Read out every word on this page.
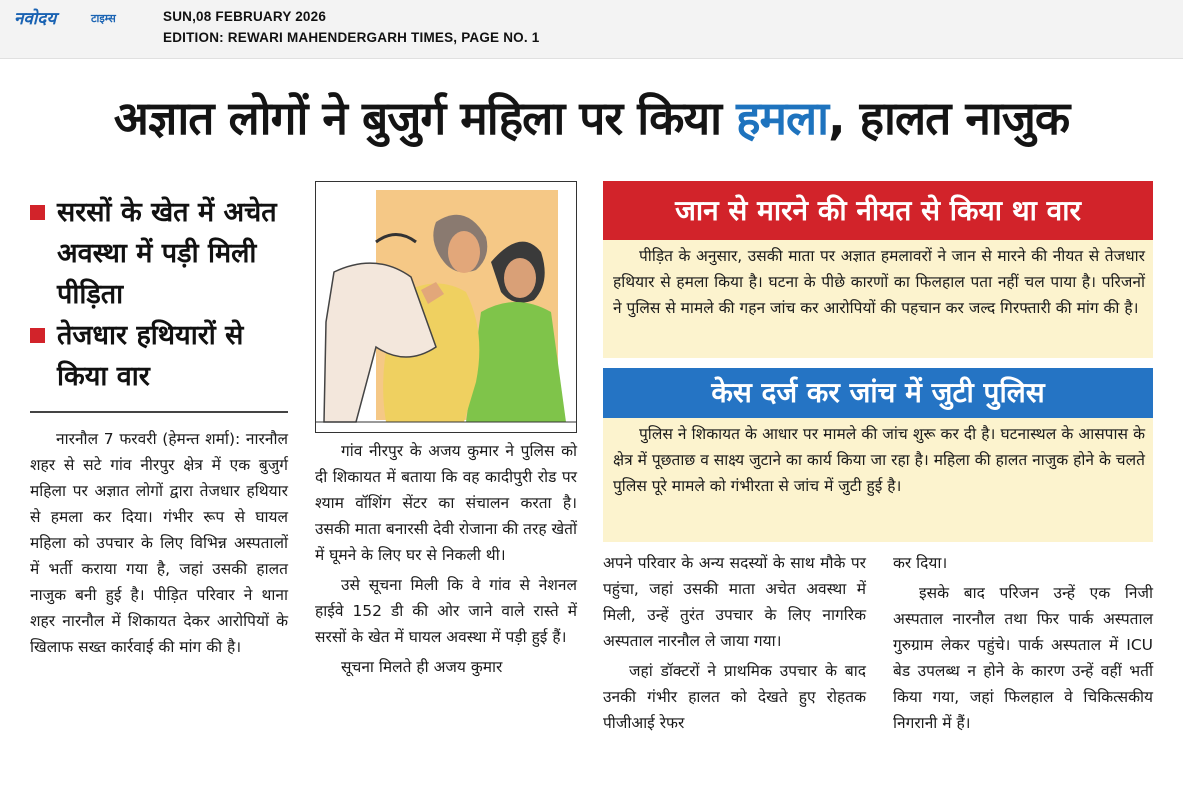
नवोदय	टाइम्स	SUN,08 FEBRUARY 2026
EDITION: REWARI MAHENDERGARH TIMES, PAGE NO. 1
अज्ञात लोगों ने बुजुर्ग महिला पर किया हमला, हालत नाजुक
सरसों के खेत में अचेत अवस्था में पड़ी मिली पीड़िता
तेजधार हथियारों से किया वार

नारनौल 7 फरवरी (हेमन्त शर्मा): नारनौल शहर से सटे गांव नीरपुर क्षेत्र में एक बुजुर्ग महिला पर अज्ञात लोगों द्वारा तेजधार हथियार से हमला कर दिया। गंभीर रूप से घायल महिला को उपचार के लिए विभिन्न अस्पतालों में भर्ती कराया गया है, जहां उसकी हालत नाजुक बनी हुई है। पीड़ित परिवार ने थाना शहर नारनौल में शिकायत देकर आरोपियों के खिलाफ सख्त कार्रवाई की मांग की है।

गांव नीरपुर के अजय कुमार ने पुलिस को दी शिकायत में बताया कि वह कादीपुरी रोड पर श्याम वॉशिंग सेंटर का संचालन करता है। उसकी माता बनारसी देवी रोजाना की तरह खेतों में घूमने के लिए घर से निकली थी।

उसे सूचना मिली कि वे गांव से नेशनल हाईवे 152 डी की ओर जाने वाले रास्ते में सरसों के खेत में घायल अवस्था में पड़ी हुई हैं।

सूचना मिलते ही अजय कुमार

जान से मारने की नीयत से किया था वार

पीड़ित के अनुसार, उसकी माता पर अज्ञात हमलावरों ने जान से मारने की नीयत से तेजधार हथियार से हमला किया है। घटना के पीछे कारणों का फिलहाल पता नहीं चल पाया है। परिजनों ने पुलिस से मामले की गहन जांच कर आरोपियों की पहचान कर जल्द गिरफ्तारी की मांग की है।

केस दर्ज कर जांच में जुटी पुलिस

पुलिस ने शिकायत के आधार पर मामले की जांच शुरू कर दी है। घटनास्थल के आसपास के क्षेत्र में पूछताछ व साक्ष्य जुटाने का कार्य किया जा रहा है। महिला की हालत नाजुक होने के चलते पुलिस पूरे मामले को गंभीरता से जांच में जुटी हुई है।

अपने परिवार के अन्य सदस्यों के साथ मौके पर पहुंचा, जहां उसकी माता अचेत अवस्था में मिली, उन्हें तुरंत उपचार के लिए नागरिक अस्पताल नारनौल ले जाया गया।

जहां डॉक्टरों ने प्राथमिक उपचार के बाद उनकी गंभीर हालत को देखते हुए रोहतक पीजीआई रेफर

कर दिया।

इसके बाद परिजन उन्हें एक निजी अस्पताल नारनौल तथा फिर पार्क अस्पताल गुरुग्राम लेकर पहुंचे। पार्क अस्पताल में ICU बेड उपलब्ध न होने के कारण उन्हें वहीं भर्ती किया गया, जहां फिलहाल वे चिकित्सकीय निगरानी में हैं।
